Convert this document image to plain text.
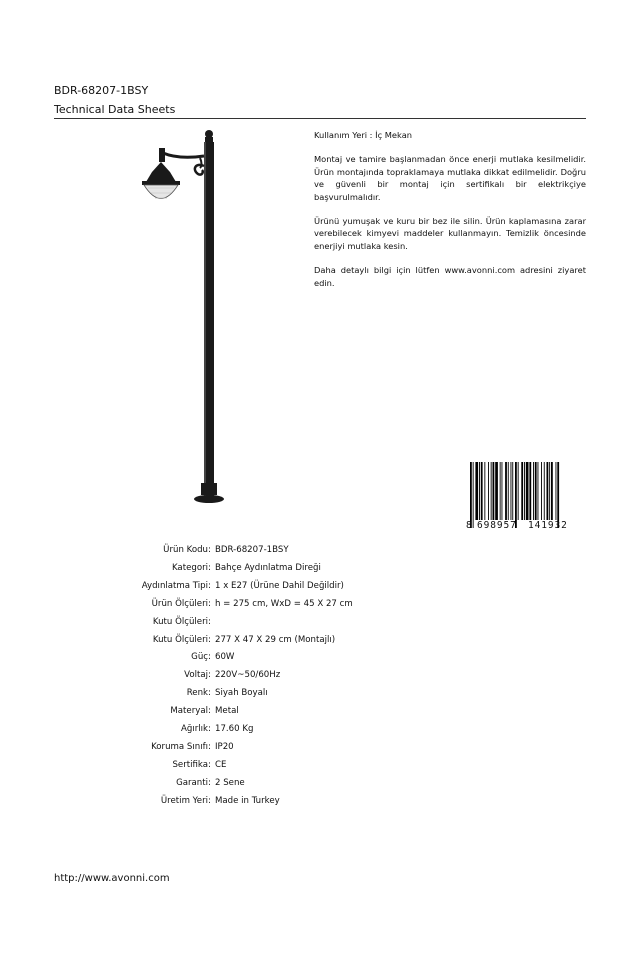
BDR-68207-1BSY
Technical Data Sheets

Kullanım Yeri : İç Mekan

Montaj ve tamire başlanmadan önce enerji mutlaka kesilmelidir. Ürün montajında topraklamaya mutlaka dikkat edilmelidir. Doğru ve güvenli bir montaj için sertifikalı bir elektrikçiye başvurulmalıdır.

Ürünü yumuşak ve kuru bir bez ile silin. Ürün kaplamasına zarar verebilecek kimyevi maddeler kullanmayın. Temizlik öncesinde enerjiyi mutlaka kesin.

Daha detaylı bilgi için lütfen www.avonni.com adresini ziyaret edin.

8 698957 141932
Ürün Kodu : BDR-68207-1BSY
Kategori : Bahçe Aydınlatma Direği
Aydınlatma Tipi : 1 x E27 (Ürüne Dahil Değildir)
Ürün Ölçüleri : h = 275 cm, WxD = 45 X 27 cm
Kutu Ölçüleri :
Kutu Ölçüleri : 277 X 47 X 29 cm (Montajlı)
Güç : 60W
Voltaj : 220V~50/60Hz
Renk : Siyah Boyalı
Materyal : Metal
Ağırlık : 17.60 Kg
Koruma Sınıfı : IP20
Sertifika : CE
Garanti : 2 Sene
Üretim Yeri : Made in Turkey
http://www.avonni.com
